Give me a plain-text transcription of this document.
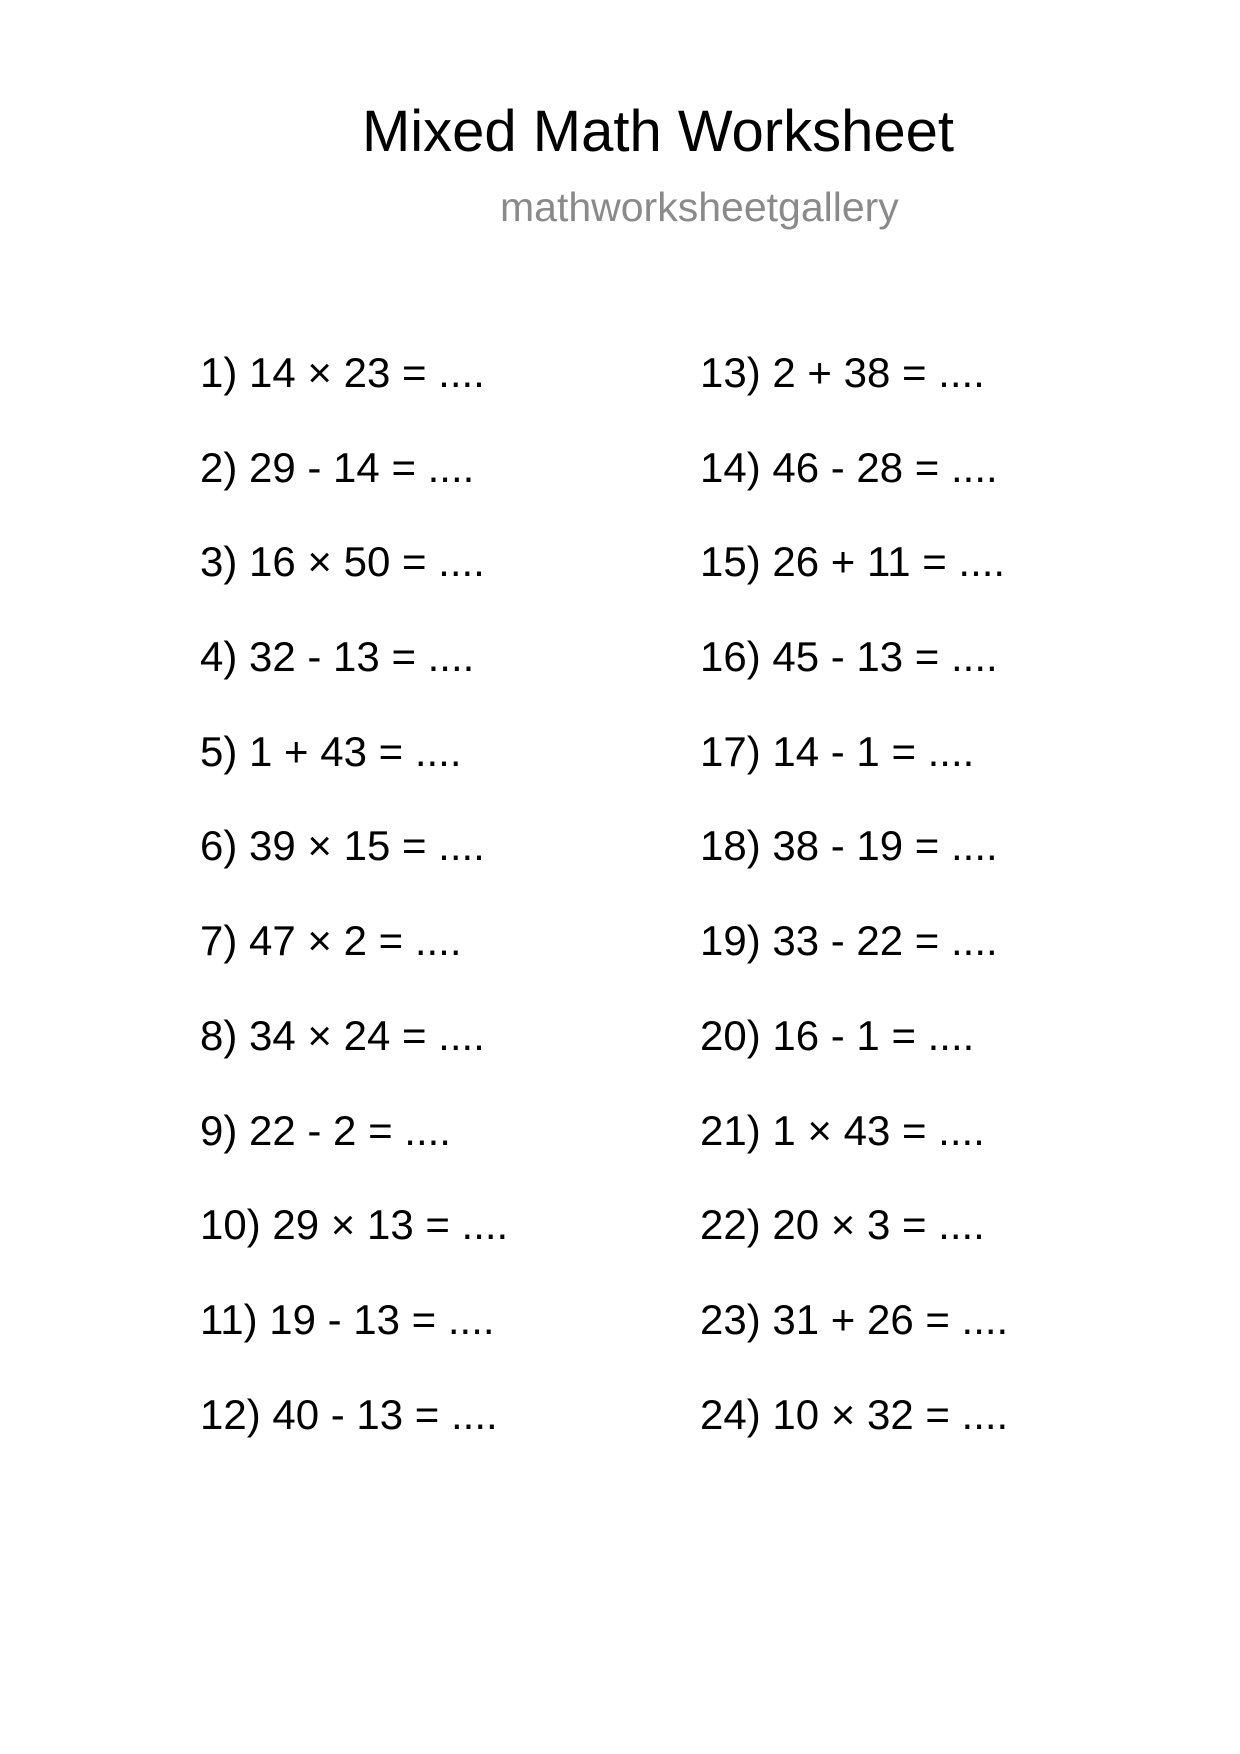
Mixed Math Worksheet
mathworksheetgallery
1) 14 × 23 = ....
2) 29 - 14 = ....
3) 16 × 50 = ....
4) 32 - 13 = ....
5) 1 + 43 = ....
6) 39 × 15 = ....
7) 47 × 2 = ....
8) 34 × 24 = ....
9) 22 - 2 = ....
10) 29 × 13 = ....
11) 19 - 13 = ....
12) 40 - 13 = ....
13) 2 + 38 = ....
14) 46 - 28 = ....
15) 26 + 11 = ....
16) 45 - 13 = ....
17) 14 - 1 = ....
18) 38 - 19 = ....
19) 33 - 22 = ....
20) 16 - 1 = ....
21) 1 × 43 = ....
22) 20 × 3 = ....
23) 31 + 26 = ....
24) 10 × 32 = ....
